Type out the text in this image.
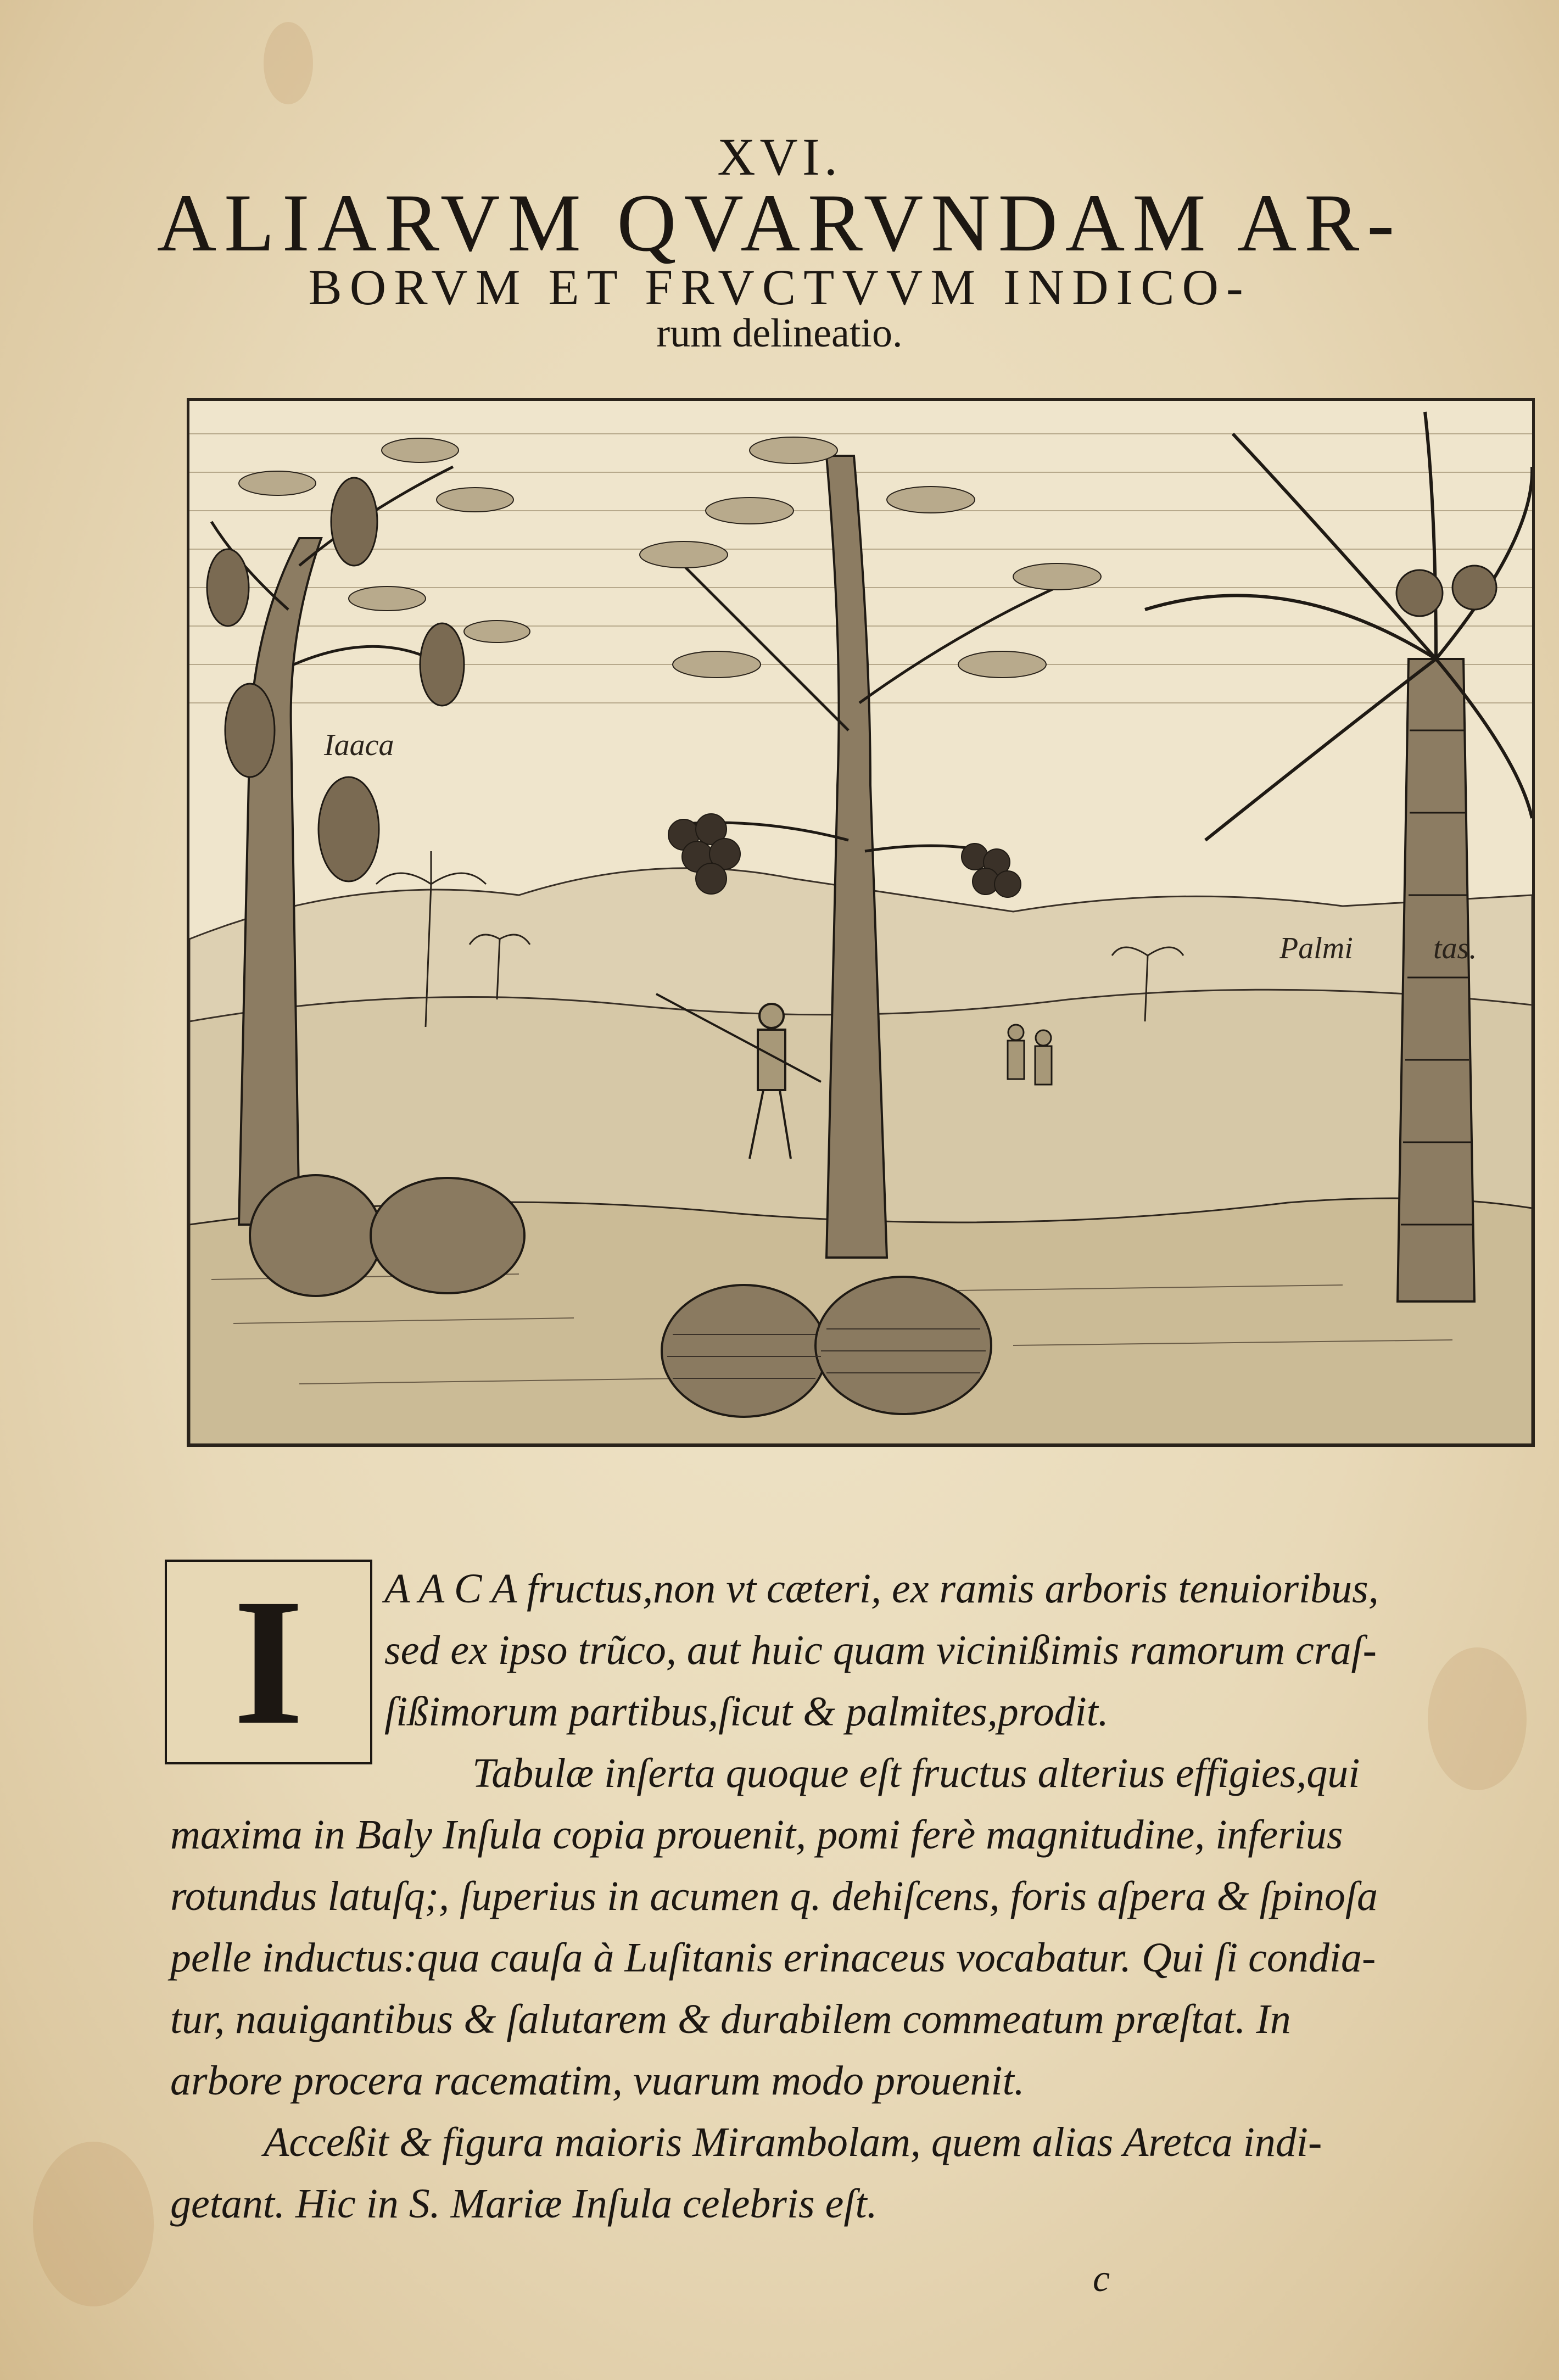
XVI.
ALIARVM QVARVNDAM AR-
BORVM ET FRVCTVVM INDICO-
rum delineatio.
Iaaca
Palmi	tas.
I	A A C A fructus,non vt cæteri, ex ramis arboris tenuioribus,
sed ex ipso trũco, aut huic quam vicinißimis ramorum craſ-
ſißimorum partibus,ſicut & palmites,prodit.
Tabulæ inſerta quoque eſt fructus alterius effigies,qui
maxima in Baly Inſula copia prouenit, pomi ferè magnitudine, inferius
rotundus latuſq;, ſuperius in acumen q. dehiſcens, foris aſpera & ſpinoſa
pelle inductus:qua cauſa à Luſitanis erinaceus vocabatur. Qui ſi condia-
tur, nauigantibus & ſalutarem & durabilem commeatum præſtat. In
arbore procera racematim, vuarum modo prouenit.
Acceßit & figura maioris Mirambolam, quem alias Aretca indi-
getant. Hic in S. Mariæ Inſula celebris eſt.
c
